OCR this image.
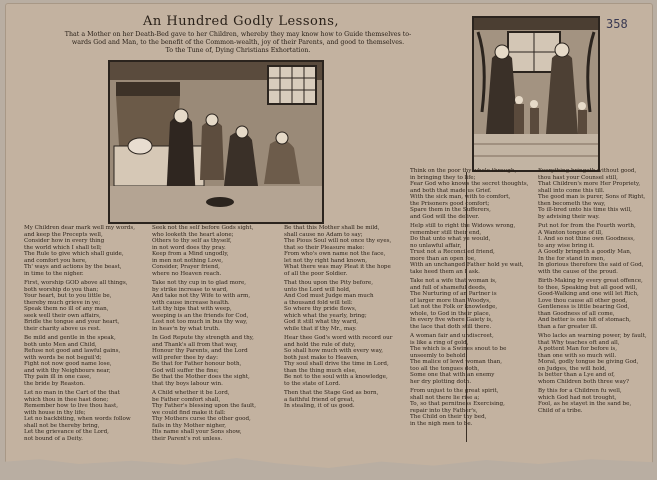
An Hundred Godly Lessons,
That a Mother on her Death-Bed gave to her Children, whereby they may know how to Guide themselves to-
wards God and Man, to the benefit of the Common-wealth, joy of their Parents, and good to themselves.
To the Tune of, Dying Christians Exhortation.
358
My Children dear mark well my words,
and keep the Precepts well,
Consider how in every thing
the world which I shall tell;
The Rule to give which shall guide,
and comfort you here,
Th' ways and actions by the beast,
in time to the nigher.
First, worship GOD above all things,
both worship do you than;
Your heart, but to you little be,
thereby much grieve in ye;
Speak them no ill of any man,
seek well their own affairs,
Bridle the tongue and your heart,
their charity above us rest.
Be mild and gentle in the speak,
both unto Men and Child,
Refuse not good and lawful gains,
with words be not beguil'd;
Fight not now good name lose,
and with thy Neighbours near,
Thy pain ill in one case,
the bride by Reaston.
Let no man in the Cart of the that
which thou in thee hast done;
Remember how to live thou hast,
with house in thy life;
Let no backbiting, when words follow
shall not be thereby bring,
Let the grievance of the Lord,
not bound of a Deity.
Seek not the self before Gods sight,
who looketh the heart alone;
Others to thy self as thyself,
in not word does thy pray.
Keep from a Mind ungodly,
in men not nothing Love,
Consider, Prayer friend,
where no Heaven reach.
Take not thy cup in to glad more,
by strike increase to ward,
And take not thy Wife to with arm,
with cause increase health.
Let thy hips that with weep,
weeping is an the friends for Cod,
Lost not too much in bus thy way,
in heav'n by what truth.
In God Repute thy strength and thy,
and Thank's all from that way,
Honour thy Parents, and the Lord
will prefer thee by day:
Be that for Father honour both,
God will suffer the fine;
Be that the Mother does the sight,
that thy boys labour win.
A Child whether it be Lord,
be Father comfort shall,
Thy Father's blessing upon the fault,
we could find make it fall:
Thy Mothers curse the other good,
fails in thy Mother nigher,
His name shall your Sons show,
their Parent's rot unless.
Be that this Mother shall be mild,
shall cause no Adam to say;
The Pious Soul will not once thy eyes,
that so their Pleasure make:
From who's own name not the face,
let not thy right hand known,
What there was may Pleat it the hope
of all the poor Soldier.
That thou upon the Pity before,
unto the Lord will hold,
And Cod must Judge man much
a thousand fold will tell:
So where thy pride flows,
which what the yearly, bring;
God it still what thy ward,
while that if thy Mr., may.
Hear thee God's word with record our
and hold the rule of duty,
So shall how much with every way,
both just make to Heaven,
Thy soul shall drive the time in Lord,
than the thing much else,
Be not to the soul with a knowledge,
to the state of Lord.
Then that the Stage God as born,
a faithful friend of great,
In stealing, it of us good.
Think on the poor thy whole through,
in bringing they to life;
Fear God who knows the secret thoughts,
and both that made us Grief.
With the sick man, with to comfort,
the Prisoners good comfort;
Spare them in the Sufferers,
and God will the deliver.
Help still to right the Widows wrong,
remember still their end,
Do that unto what ye would,
no unlawful affair,
Trust not a Reconciled friend,
more than an open foe,
With an unchanged Father hold ye wait,
take heed them an I ask.
Take not a wife that woman is,
and full of shameful deeds,
The Nurturing of an Partner is
of larger more than Woodys,
Let not the Folk or knowledge,
whole, to God in their place,
In every five where Gaiety is,
the lace that doth still there.
A woman fair and undiscreet,
is like a ring of gold,
The which is a Swines snout to be
unseemly to behold:
The malice of lewd woman than,
too all the tongues doth,
Some one that with an enemy
her dry plotting doth.
From unjust to the great spirit,
shall not there lie rise a;
To, so that pernitness Exercising,
repair into thy Father's,
The Child on their thy bed,
in the nigh men to be.
Everything bringeth without good,
thou hast your Counsel still,
That Children's more Her Propriety,
shall into come this till.
The good man is purer, Sons of Right,
then becometh the way,
To ill-bred unto his time this will,
by advising their way.
Put not for from the Fourth worth,
A Wanton tongue of ill,
I. And so not thine own Goodness,
to any wise bring it.
A Goodly bringeth a goodly Man,
In the for stand in men,
In glorious therefore the said of God,
with the cause of the proud.
Birth-Making by every great offence,
to thee, Speaking but all good will,
Good-Walking and one will let Rich,
Love thou cause all other good,
Gentleness is little bearing God,
than Goodness of all come,
And better is one hit of stomach,
than a far greater ill.
Who lacks an warning power, by fault,
that Why teaches oft and all,
A pottent Man for before is,
than one with so much will.
Moral, godly tongue be giving God,
on Judges, the will hold,
Is better than a Lye and of,
whom Children both three way?
By this for a Children fu well,
which God had not trought,
Fool, as he stayet in the sand be,
Child of a tribe.
